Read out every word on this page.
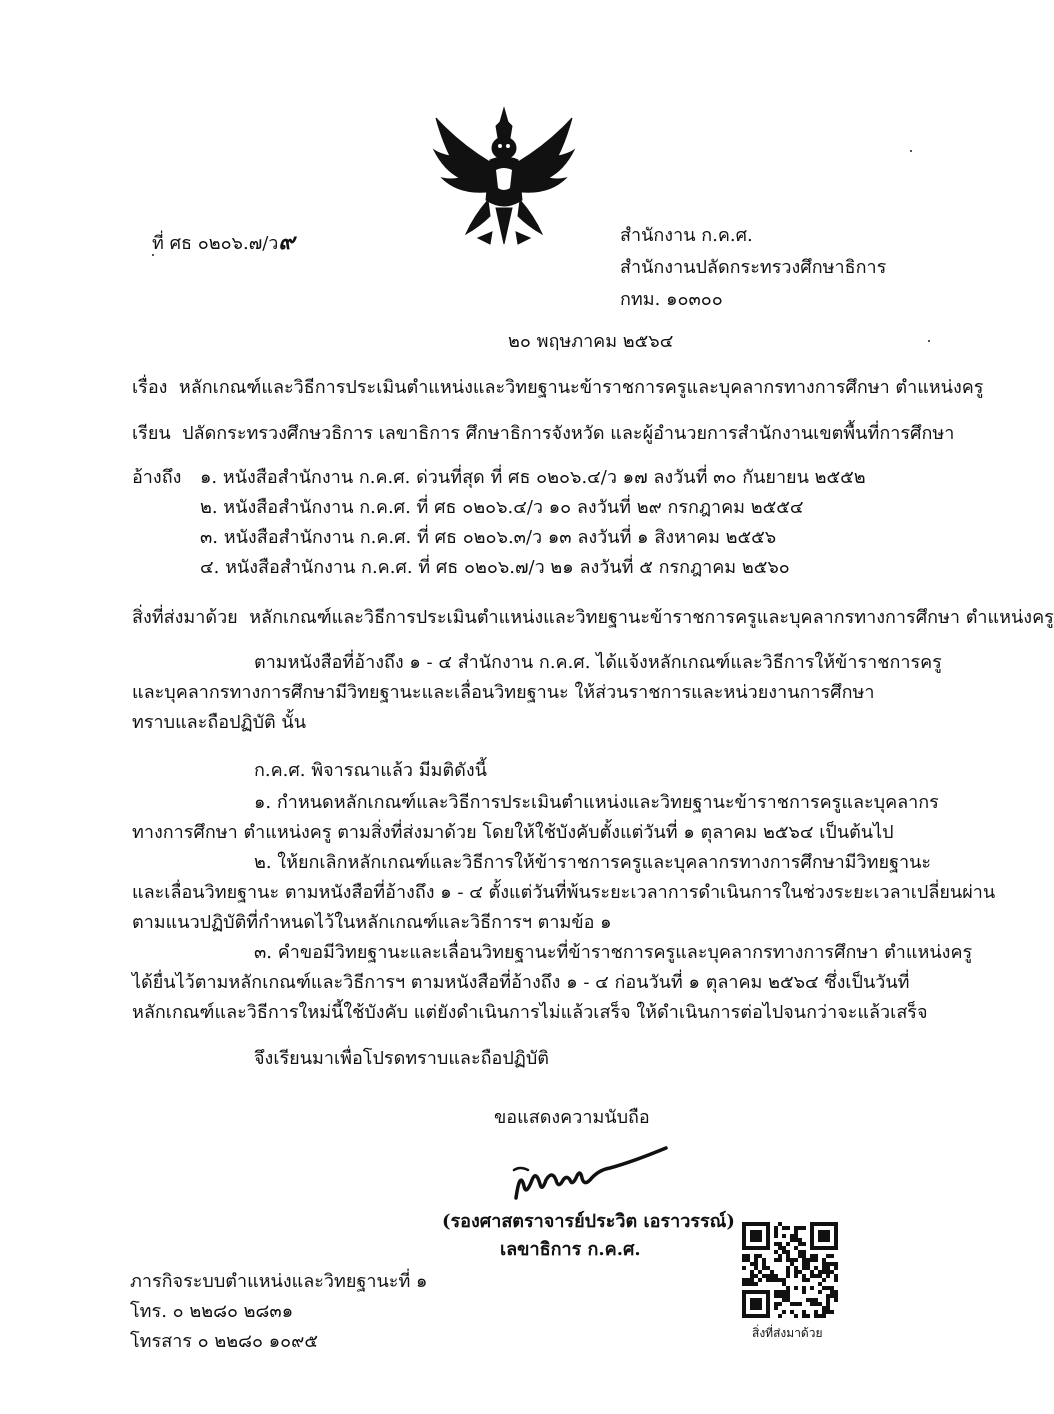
ที่ ศธ ๐๒๐๖.๗/ว๙	สำนักงาน ก.ค.ศ.
สำนักงานปลัดกระทรวงศึกษาธิการ
กทม. ๑๐๓๐๐
๒๐ พฤษภาคม ๒๕๖๔
เรื่อง หลักเกณฑ์และวิธีการประเมินตำแหน่งและวิทยฐานะข้าราชการครูและบุคลากรทางการศึกษา ตำแหน่งครู
เรียน ปลัดกระทรวงศึกษวธิการ เลขาธิการ ศึกษาธิการจังหวัด และผู้อำนวยการสำนักงานเขตพื้นที่การศึกษา
อ้างถึง ๑. หนังสือสำนักงาน ก.ค.ศ. ด่วนที่สุด ที่ ศธ ๐๒๐๖.๔/ว ๑๗ ลงวันที่ ๓๐ กันยายน ๒๕๕๒
๒. หนังสือสำนักงาน ก.ค.ศ. ที่ ศธ ๐๒๐๖.๔/ว ๑๐ ลงวันที่ ๒๙ กรกฎาคม ๒๕๕๔
๓. หนังสือสำนักงาน ก.ค.ศ. ที่ ศธ ๐๒๐๖.๓/ว ๑๓ ลงวันที่ ๑ สิงหาคม ๒๕๕๖
๔. หนังสือสำนักงาน ก.ค.ศ. ที่ ศธ ๐๒๐๖.๗/ว ๒๑ ลงวันที่ ๕ กรกฎาคม ๒๕๖๐
สิ่งที่ส่งมาด้วย หลักเกณฑ์และวิธีการประเมินตำแหน่งและวิทยฐานะข้าราชการครูและบุคลากรทางการศึกษา ตำแหน่งครู
ตามหนังสือที่อ้างถึง ๑ - ๔ สำนักงาน ก.ค.ศ. ได้แจ้งหลักเกณฑ์และวิธีการให้ข้าราชการครู
และบุคลากรทางการศึกษามีวิทยฐานะและเลื่อนวิทยฐานะ ให้ส่วนราชการและหน่วยงานการศึกษา
ทราบและถือปฏิบัติ นั้น
ก.ค.ศ. พิจารณาแล้ว มีมติดังนี้
๑. กำหนดหลักเกณฑ์และวิธีการประเมินตำแหน่งและวิทยฐานะข้าราชการครูและบุคลากร
ทางการศึกษา ตำแหน่งครู ตามสิ่งที่ส่งมาด้วย โดยให้ใช้บังคับตั้งแต่วันที่ ๑ ตุลาคม ๒๕๖๔ เป็นต้นไป
๒. ให้ยกเลิกหลักเกณฑ์และวิธีการให้ข้าราชการครูและบุคลากรทางการศึกษามีวิทยฐานะ
และเลื่อนวิทยฐานะ ตามหนังสือที่อ้างถึง ๑ - ๔ ตั้งแต่วันที่พ้นระยะเวลาการดำเนินการในช่วงระยะเวลาเปลี่ยนผ่าน
ตามแนวปฏิบัติที่กำหนดไว้ในหลักเกณฑ์และวิธีการฯ ตามข้อ ๑
๓. คำขอมีวิทยฐานะและเลื่อนวิทยฐานะที่ข้าราชการครูและบุคลากรทางการศึกษา ตำแหน่งครู
ได้ยื่นไว้ตามหลักเกณฑ์และวิธีการฯ ตามหนังสือที่อ้างถึง ๑ - ๔ ก่อนวันที่ ๑ ตุลาคม ๒๕๖๔ ซึ่งเป็นวันที่
หลักเกณฑ์และวิธีการใหม่นี้ใช้บังคับ แต่ยังดำเนินการไม่แล้วเสร็จ ให้ดำเนินการต่อไปจนกว่าจะแล้วเสร็จ
จึงเรียนมาเพื่อโปรดทราบและถือปฏิบัติ
ขอแสดงความนับถือ
(รองศาสตราจารย์ประวิต เอราวรรณ์)
เลขาธิการ ก.ค.ศ.
ภารกิจระบบตำแหน่งและวิทยฐานะที่ ๑
โทร. ๐ ๒๒๘๐ ๒๘๓๑
โทรสาร ๐ ๒๒๘๐ ๑๐๙๕	สิ่งที่ส่งมาด้วย
